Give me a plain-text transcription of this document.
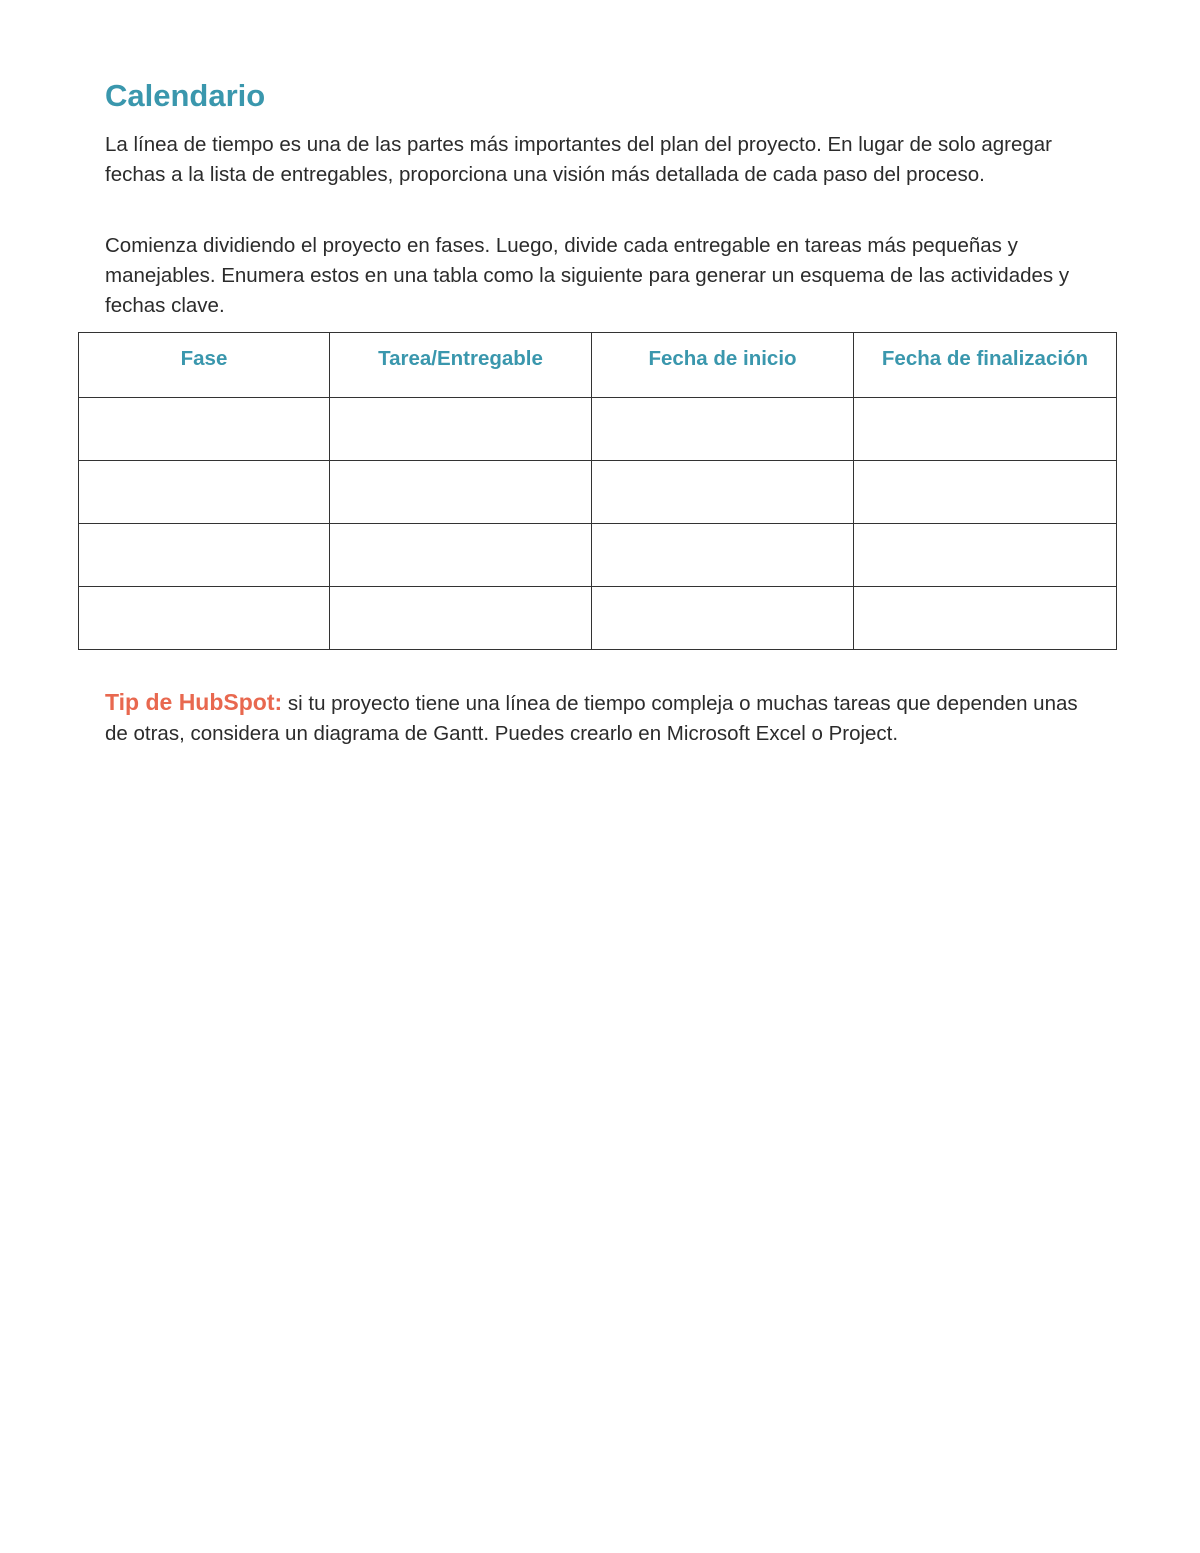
Calendario

La línea de tiempo es una de las partes más importantes del plan del proyecto. En lugar de solo agregar fechas a la lista de entregables, proporciona una visión más detallada de cada paso del proceso.

Comienza dividiendo el proyecto en fases. Luego, divide cada entregable en tareas más pequeñas y manejables. Enumera estos en una tabla como la siguiente para generar un esquema de las actividades y fechas clave.

Fase	Tarea/Entregable	Fecha de inicio	Fecha de finalización

Tip de HubSpot: si tu proyecto tiene una línea de tiempo compleja o muchas tareas que dependen unas de otras, considera un diagrama de Gantt. Puedes crearlo en Microsoft Excel o Project.
